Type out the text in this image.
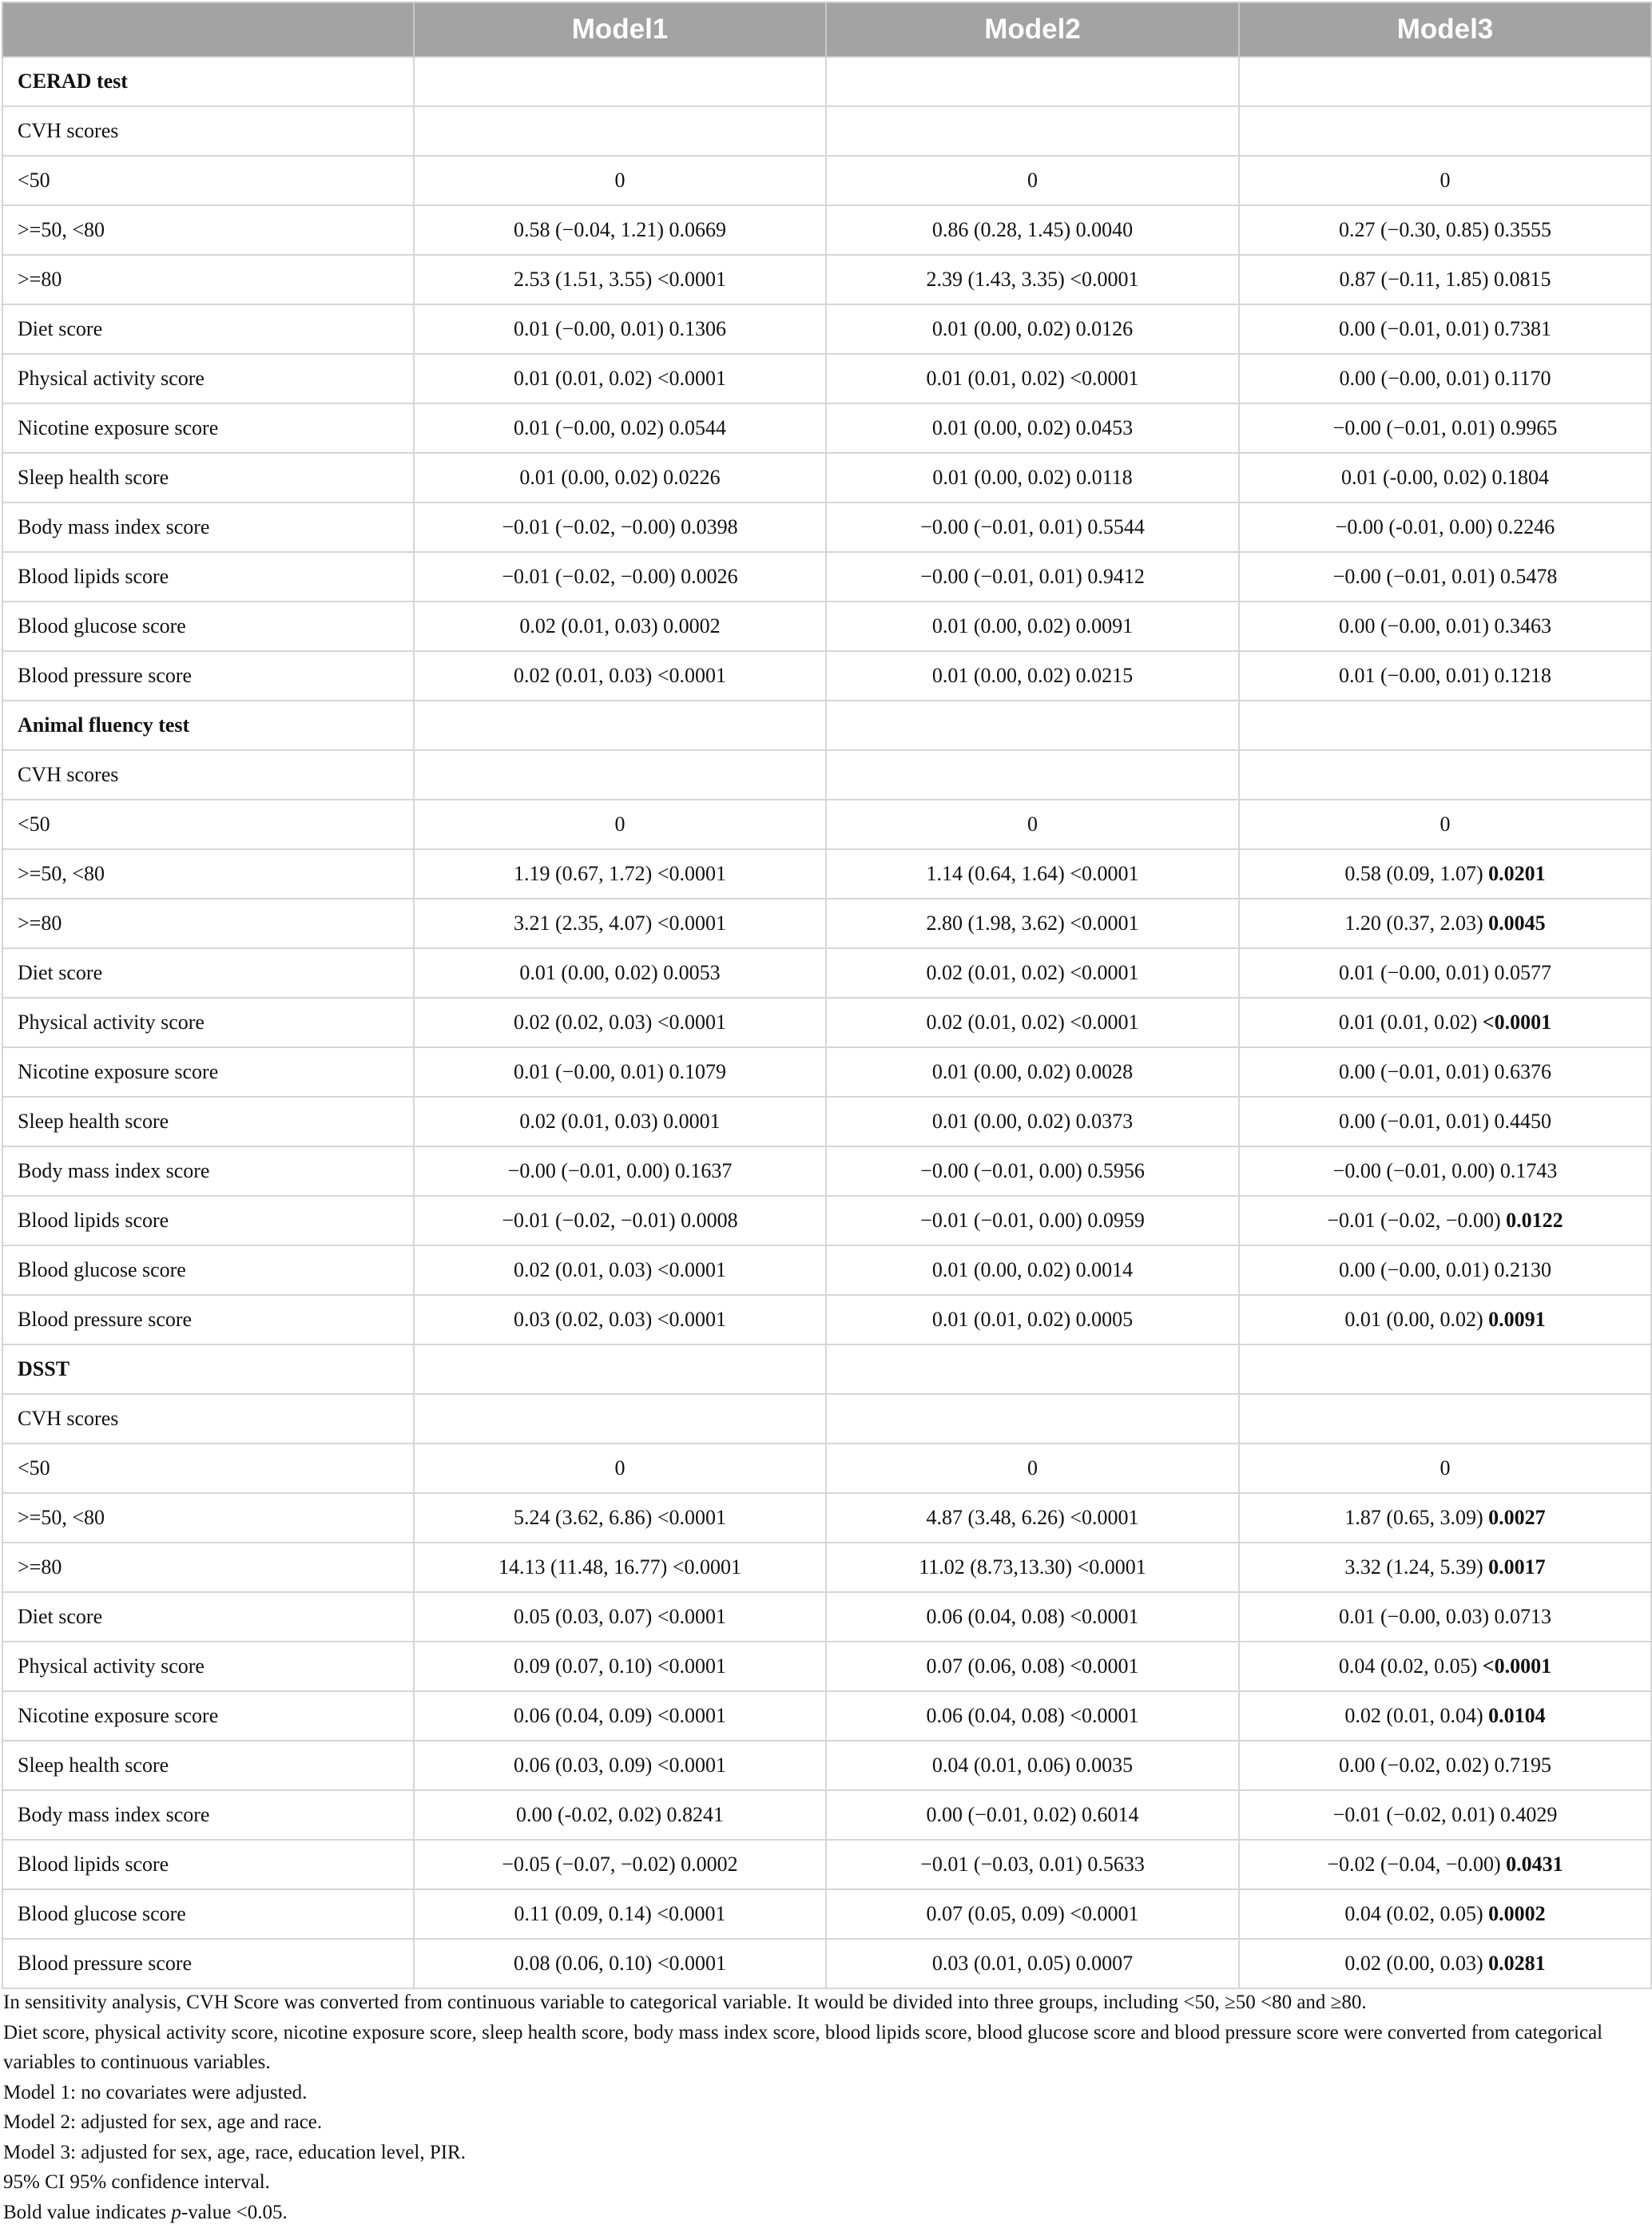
	Model1	Model2	Model3
CERAD test			
CVH scores			
<50	0	0	0
>=50, <80	0.58 (−0.04, 1.21) 0.0669	0.86 (0.28, 1.45) 0.0040	0.27 (−0.30, 0.85) 0.3555
>=80	2.53 (1.51, 3.55) <0.0001	2.39 (1.43, 3.35) <0.0001	0.87 (−0.11, 1.85) 0.0815
Diet score	0.01 (−0.00, 0.01) 0.1306	0.01 (0.00, 0.02) 0.0126	0.00 (−0.01, 0.01) 0.7381
Physical activity score	0.01 (0.01, 0.02) <0.0001	0.01 (0.01, 0.02) <0.0001	0.00 (−0.00, 0.01) 0.1170
Nicotine exposure score	0.01 (−0.00, 0.02) 0.0544	0.01 (0.00, 0.02) 0.0453	−0.00 (−0.01, 0.01) 0.9965
Sleep health score	0.01 (0.00, 0.02) 0.0226	0.01 (0.00, 0.02) 0.0118	0.01 (-0.00, 0.02) 0.1804
Body mass index score	−0.01 (−0.02, −0.00) 0.0398	−0.00 (−0.01, 0.01) 0.5544	−0.00 (-0.01, 0.00) 0.2246
Blood lipids score	−0.01 (−0.02, −0.00) 0.0026	−0.00 (−0.01, 0.01) 0.9412	−0.00 (−0.01, 0.01) 0.5478
Blood glucose score	0.02 (0.01, 0.03) 0.0002	0.01 (0.00, 0.02) 0.0091	0.00 (−0.00, 0.01) 0.3463
Blood pressure score	0.02 (0.01, 0.03) <0.0001	0.01 (0.00, 0.02) 0.0215	0.01 (−0.00, 0.01) 0.1218
Animal fluency test			
CVH scores			
<50	0	0	0
>=50, <80	1.19 (0.67, 1.72) <0.0001	1.14 (0.64, 1.64) <0.0001	0.58 (0.09, 1.07) 0.0201
>=80	3.21 (2.35, 4.07) <0.0001	2.80 (1.98, 3.62) <0.0001	1.20 (0.37, 2.03) 0.0045
Diet score	0.01 (0.00, 0.02) 0.0053	0.02 (0.01, 0.02) <0.0001	0.01 (−0.00, 0.01) 0.0577
Physical activity score	0.02 (0.02, 0.03) <0.0001	0.02 (0.01, 0.02) <0.0001	0.01 (0.01, 0.02) <0.0001
Nicotine exposure score	0.01 (−0.00, 0.01) 0.1079	0.01 (0.00, 0.02) 0.0028	0.00 (−0.01, 0.01) 0.6376
Sleep health score	0.02 (0.01, 0.03) 0.0001	0.01 (0.00, 0.02) 0.0373	0.00 (−0.01, 0.01) 0.4450
Body mass index score	−0.00 (−0.01, 0.00) 0.1637	−0.00 (−0.01, 0.00) 0.5956	−0.00 (−0.01, 0.00) 0.1743
Blood lipids score	−0.01 (−0.02, −0.01) 0.0008	−0.01 (−0.01, 0.00) 0.0959	−0.01 (−0.02, −0.00) 0.0122
Blood glucose score	0.02 (0.01, 0.03) <0.0001	0.01 (0.00, 0.02) 0.0014	0.00 (−0.00, 0.01) 0.2130
Blood pressure score	0.03 (0.02, 0.03) <0.0001	0.01 (0.01, 0.02) 0.0005	0.01 (0.00, 0.02) 0.0091
DSST			
CVH scores			
<50	0	0	0
>=50, <80	5.24 (3.62, 6.86) <0.0001	4.87 (3.48, 6.26) <0.0001	1.87 (0.65, 3.09) 0.0027
>=80	14.13 (11.48, 16.77) <0.0001	11.02 (8.73,13.30) <0.0001	3.32 (1.24, 5.39) 0.0017
Diet score	0.05 (0.03, 0.07) <0.0001	0.06 (0.04, 0.08) <0.0001	0.01 (−0.00, 0.03) 0.0713
Physical activity score	0.09 (0.07, 0.10) <0.0001	0.07 (0.06, 0.08) <0.0001	0.04 (0.02, 0.05) <0.0001
Nicotine exposure score	0.06 (0.04, 0.09) <0.0001	0.06 (0.04, 0.08) <0.0001	0.02 (0.01, 0.04) 0.0104
Sleep health score	0.06 (0.03, 0.09) <0.0001	0.04 (0.01, 0.06) 0.0035	0.00 (−0.02, 0.02) 0.7195
Body mass index score	0.00 (-0.02, 0.02) 0.8241	0.00 (−0.01, 0.02) 0.6014	−0.01 (−0.02, 0.01) 0.4029
Blood lipids score	−0.05 (−0.07, −0.02) 0.0002	−0.01 (−0.03, 0.01) 0.5633	−0.02 (−0.04, −0.00) 0.0431
Blood glucose score	0.11 (0.09, 0.14) <0.0001	0.07 (0.05, 0.09) <0.0001	0.04 (0.02, 0.05) 0.0002
Blood pressure score	0.08 (0.06, 0.10) <0.0001	0.03 (0.01, 0.05) 0.0007	0.02 (0.00, 0.03) 0.0281

In sensitivity analysis, CVH Score was converted from continuous variable to categorical variable. It would be divided into three groups, including <50, ≥50 <80 and ≥80.

Diet score, physical activity score, nicotine exposure score, sleep health score, body mass index score, blood lipids score, blood glucose score and blood pressure score were converted from categorical variables to continuous variables.

Model 1: no covariates were adjusted.

Model 2: adjusted for sex, age and race.

Model 3: adjusted for sex, age, race, education level, PIR.

95% CI 95% confidence interval.

Bold value indicates p-value <0.05.
